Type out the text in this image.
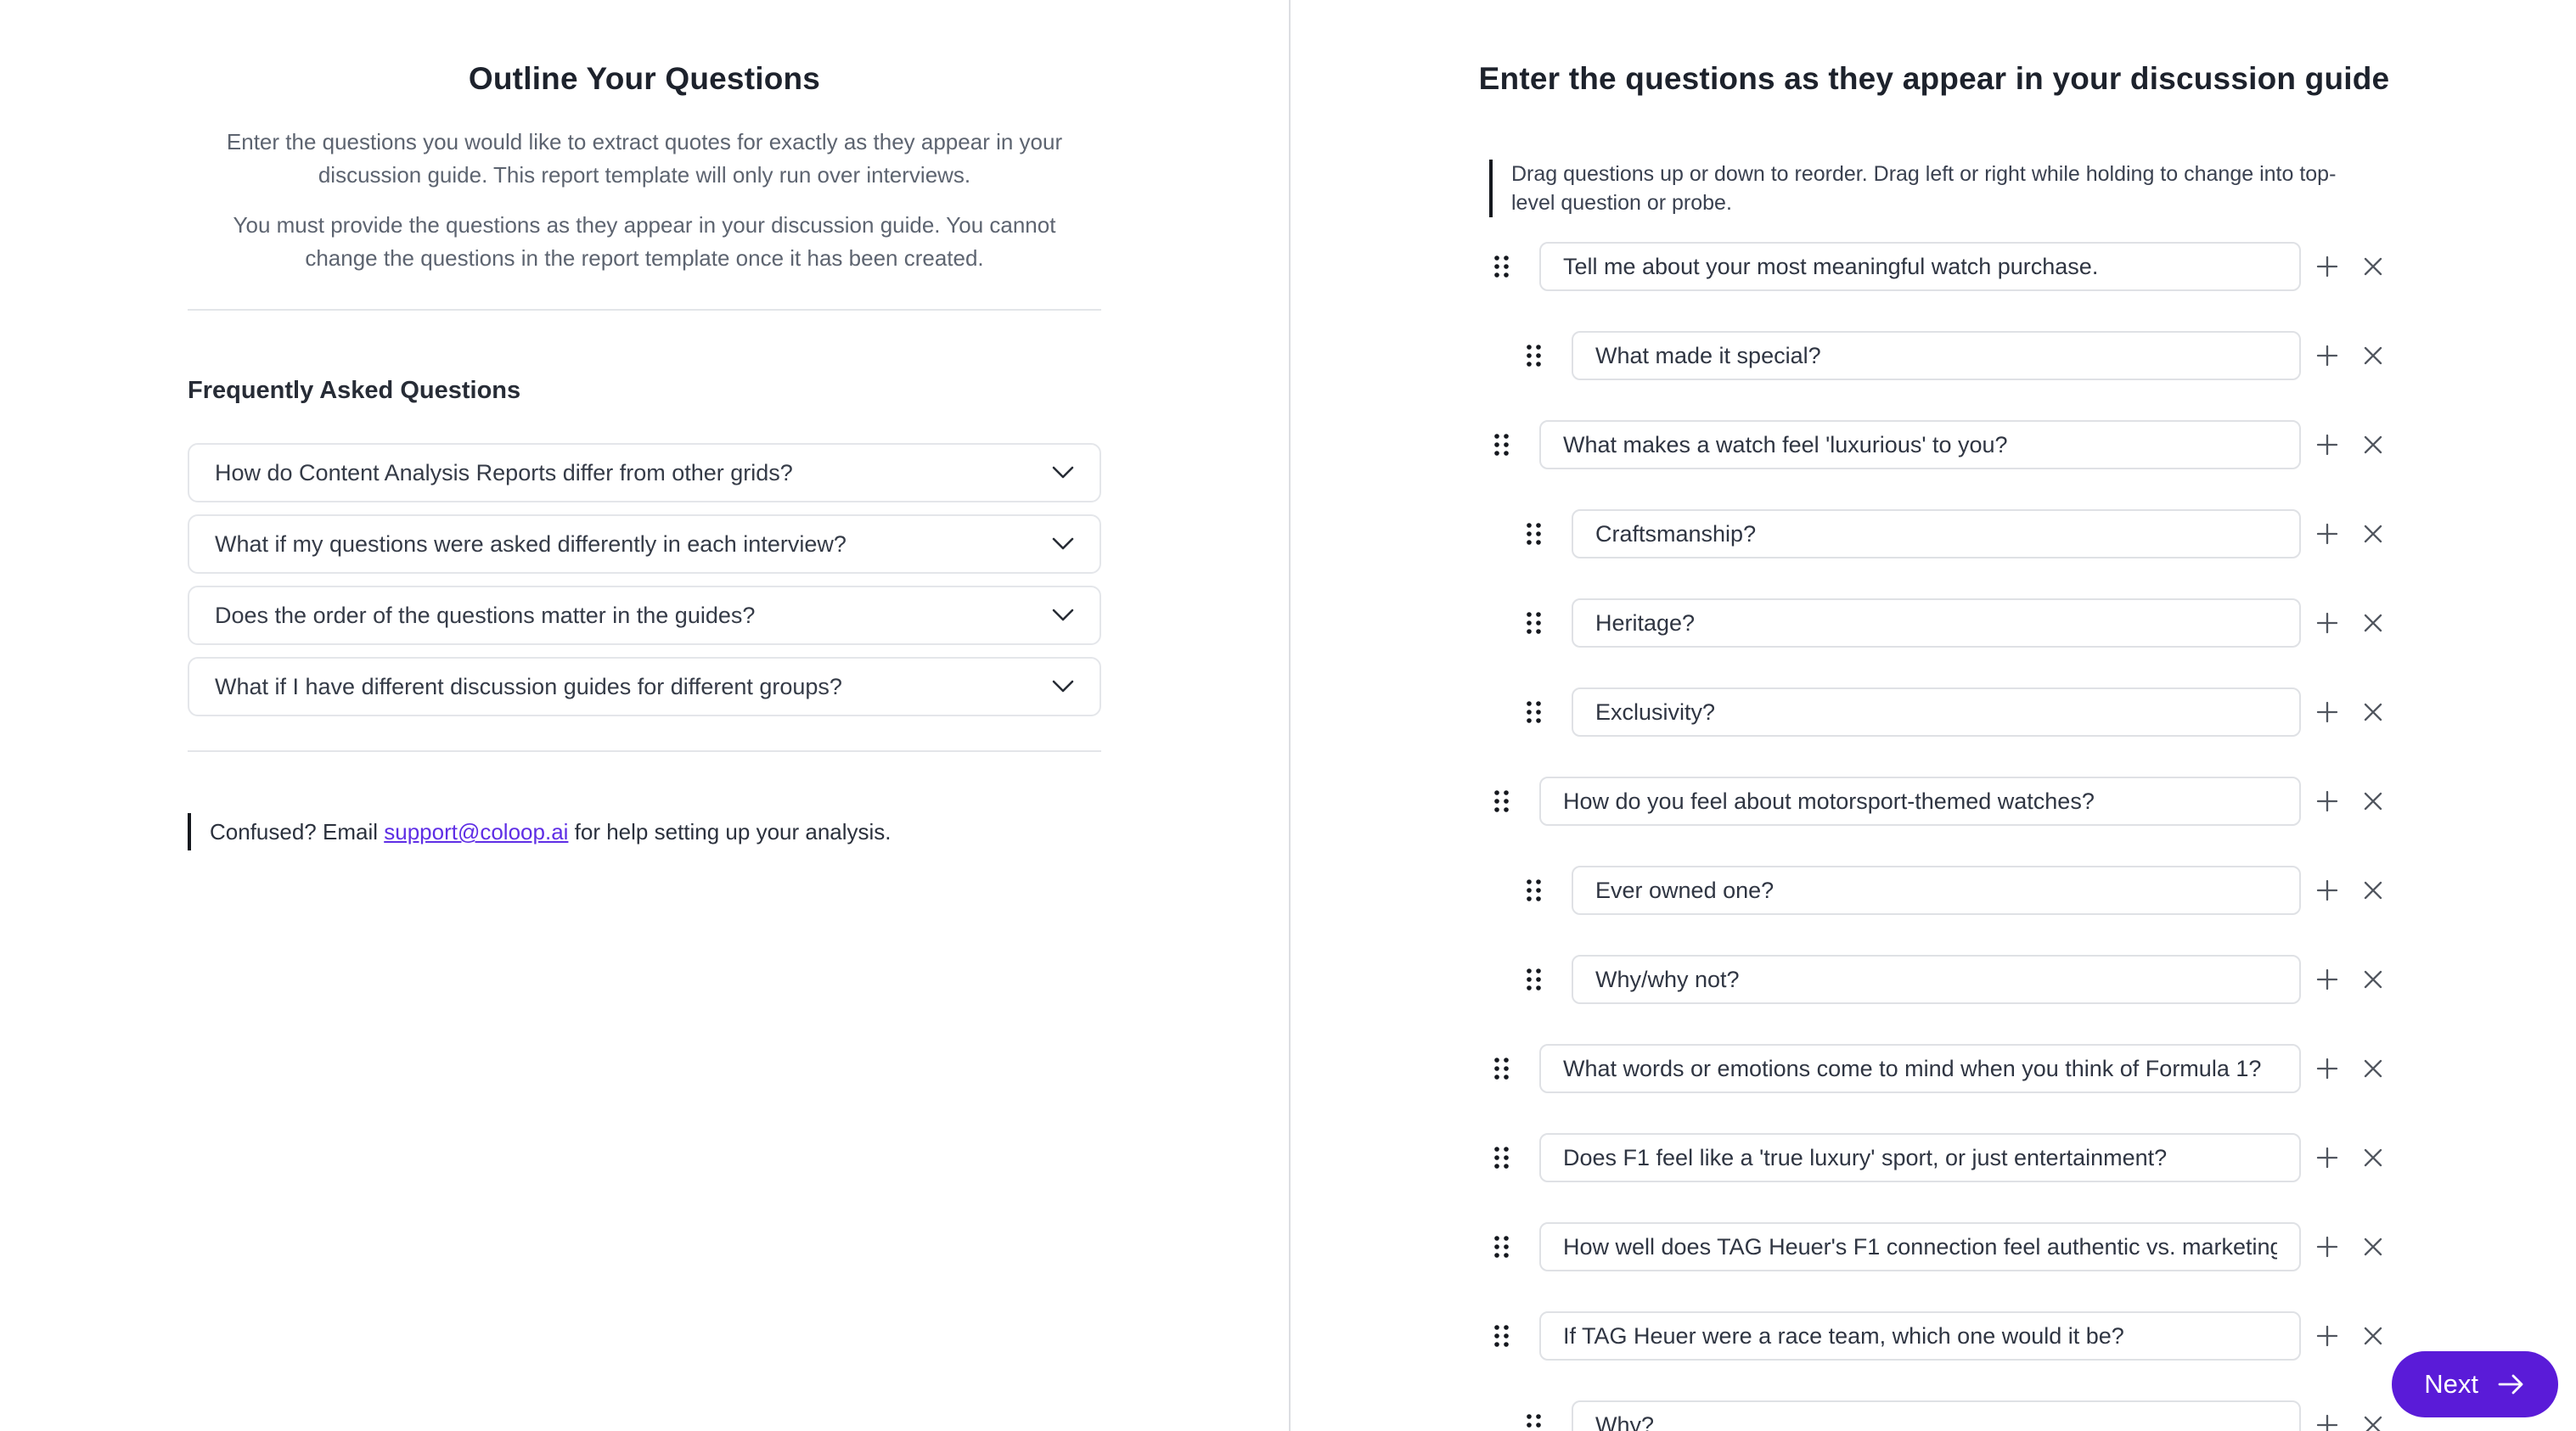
Outline Your Questions

Enter the questions you would like to extract quotes for exactly as they appear in your discussion guide. This report template will only run over interviews.

You must provide the questions as they appear in your discussion guide. You cannot change the questions in the report template once it has been created.

Frequently Asked Questions
How do Content Analysis Reports differ from other grids?
What if my questions were asked differently in each interview?
Does the order of the questions matter in the guides?
What if I have different discussion guides for different groups?
Confused? Email support@coloop.ai for help setting up your analysis.
Enter the questions as they appear in your discussion guide
Drag questions up or down to reorder. Drag left or right while holding to change into top-level question or probe.
Tell me about your most meaningful watch purchase.
What made it special?
What makes a watch feel 'luxurious' to you?
Craftsmanship?
Heritage?
Exclusivity?
How do you feel about motorsport-themed watches?
Ever owned one?
Why/why not?
What words or emotions come to mind when you think of Formula 1?
Does F1 feel like a 'true luxury' sport, or just entertainment?
How well does TAG Heuer's F1 connection feel authentic vs. marketing-driven?
If TAG Heuer were a race team, which one would it be?
Why?
Next
